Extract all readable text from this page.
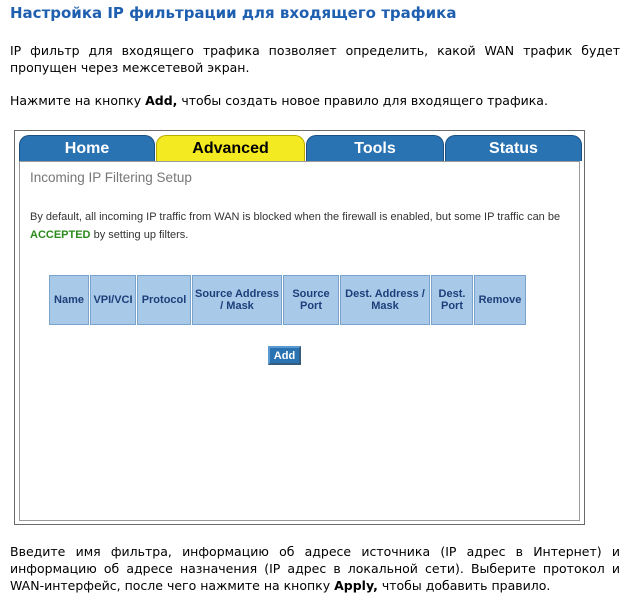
Настройка IP фильтрации для входящего трафика
IP фильтр для входящего трафика позволяет определить, какой WAN трафик будет пропущен через межсетевой экран.
Нажмите на кнопку Add, чтобы создать новое правило для входящего трафика.
Home	Advanced	Tools	Status
Incoming IP Filtering Setup
By default, all incoming IP traffic from WAN is blocked when the firewall is enabled, but some IP traffic can be ACCEPTED by setting up filters.
Name	VPI/VCI	Protocol	Source Address / Mask	Source Port	Dest. Address / Mask	Dest. Port	Remove
Add
Введите имя фильтра, информацию об адресе источника (IP адрес в Интернет) и информацию об адресе назначения (IP адрес в локальной сети). Выберите протокол и WAN-интерфейс, после чего нажмите на кнопку Apply, чтобы добавить правило.
